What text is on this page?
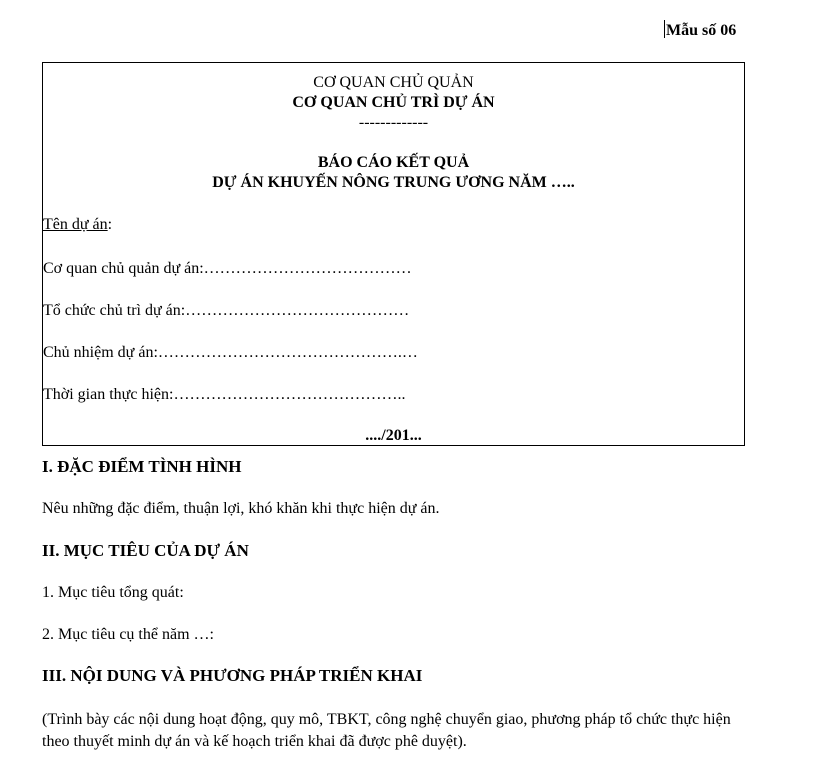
Mẫu số 06
CƠ QUAN CHỦ QUẢN
CƠ QUAN CHỦ TRÌ DỰ ÁN
-------------
BÁO CÁO KẾT QUẢ
DỰ ÁN KHUYẾN NÔNG TRUNG ƯƠNG NĂM …..
Tên dự án:
Cơ quan chủ quản dự án:…………………………………
Tổ chức chủ trì dự án:……………………………………
Chủ nhiệm dự án:……………………………………….…
Thời gian thực hiện:……………………………………..
..../201...
I. ĐẶC ĐIỂM TÌNH HÌNH
Nêu những đặc điểm, thuận lợi, khó khăn khi thực hiện dự án.
II. MỤC TIÊU CỦA DỰ ÁN
1. Mục tiêu tổng quát:
2. Mục tiêu cụ thể năm …:
III. NỘI DUNG VÀ PHƯƠNG PHÁP TRIỂN KHAI
(Trình bày các nội dung hoạt động, quy mô, TBKT, công nghệ chuyển giao, phương pháp tổ chức thực hiện theo thuyết minh dự án và kế hoạch triển khai đã được phê duyệt).
